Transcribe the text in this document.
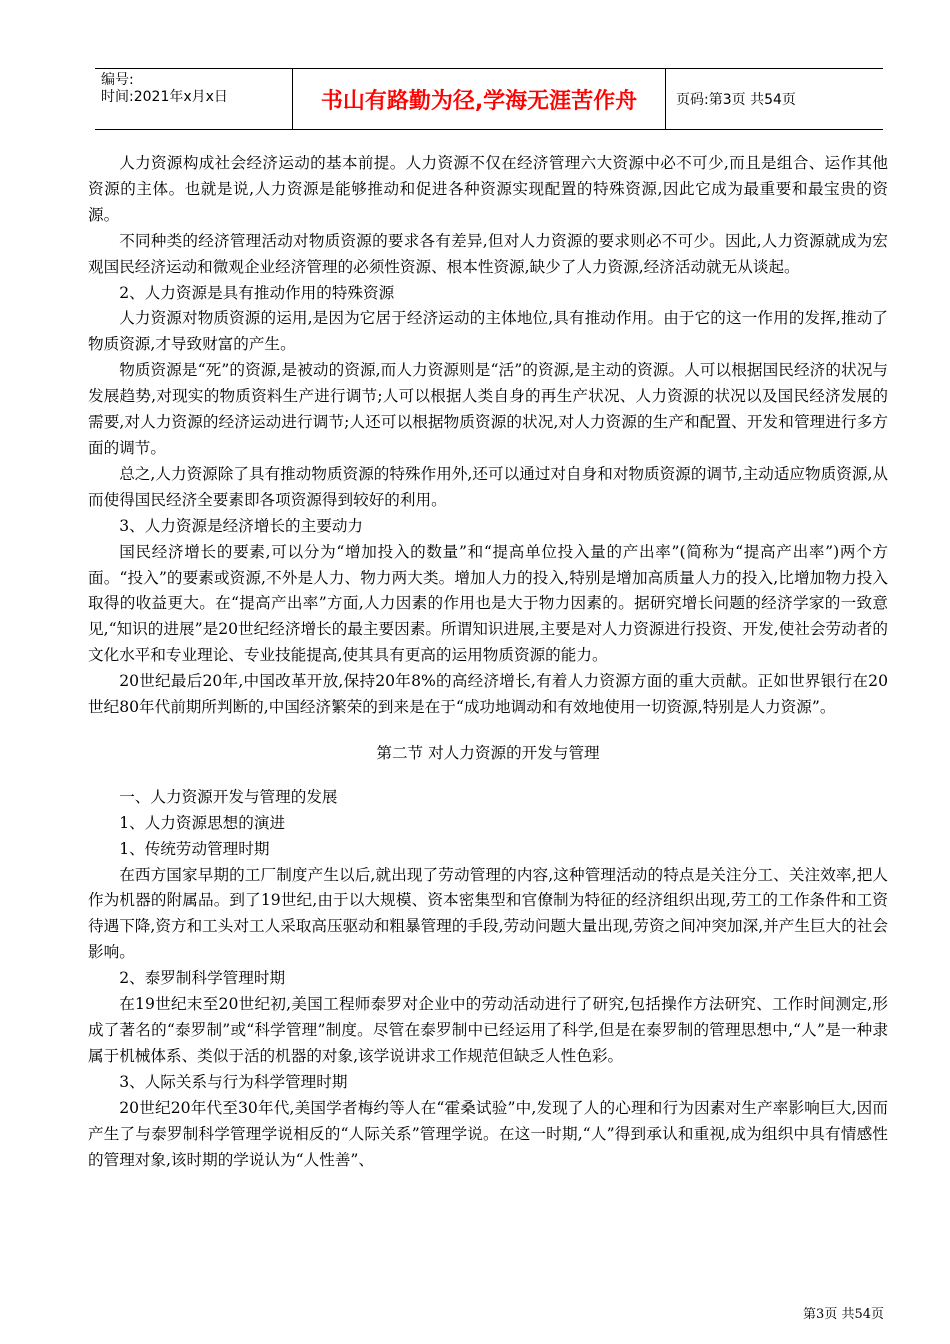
编号:
时间:2021年x月x日	书山有路勤为径,学海无涯苦作舟	页码:第3页 共54页

人力资源构成社会经济运动的基本前提。人力资源不仅在经济管理六大资源中必不可少,而且是组合、运作其他资源的主体。也就是说,人力资源是能够推动和促进各种资源实现配置的特殊资源,因此它成为最重要和最宝贵的资源。

不同种类的经济管理活动对物质资源的要求各有差异,但对人力资源的要求则必不可少。因此,人力资源就成为宏观国民经济运动和微观企业经济管理的必须性资源、根本性资源,缺少了人力资源,经济活动就无从谈起。

2、人力资源是具有推动作用的特殊资源

人力资源对物质资源的运用,是因为它居于经济运动的主体地位,具有推动作用。由于它的这一作用的发挥,推动了物质资源,才导致财富的产生。

物质资源是“死”的资源,是被动的资源,而人力资源则是“活”的资源,是主动的资源。人可以根据国民经济的状况与发展趋势,对现实的物质资料生产进行调节;人可以根据人类自身的再生产状况、人力资源的状况以及国民经济发展的需要,对人力资源的经济运动进行调节;人还可以根据物质资源的状况,对人力资源的生产和配置、开发和管理进行多方面的调节。

总之,人力资源除了具有推动物质资源的特殊作用外,还可以通过对自身和对物质资源的调节,主动适应物质资源,从而使得国民经济全要素即各项资源得到较好的利用。

3、人力资源是经济增长的主要动力

国民经济增长的要素,可以分为“增加投入的数量”和“提高单位投入量的产出率”(简称为“提高产出率”)两个方面。“投入”的要素或资源,不外是人力、物力两大类。增加人力的投入,特别是增加高质量人力的投入,比增加物力投入取得的收益更大。在“提高产出率”方面,人力因素的作用也是大于物力因素的。据研究增长问题的经济学家的一致意见,“知识的进展”是20世纪经济增长的最主要因素。所谓知识进展,主要是对人力资源进行投资、开发,使社会劳动者的文化水平和专业理论、专业技能提高,使其具有更高的运用物质资源的能力。

20世纪最后20年,中国改革开放,保持20年8%的高经济增长,有着人力资源方面的重大贡献。正如世界银行在20世纪80年代前期所判断的,中国经济繁荣的到来是在于“成功地调动和有效地使用一切资源,特别是人力资源”。

第二节 对人力资源的开发与管理

一、人力资源开发与管理的发展

1、人力资源思想的演进

1、传统劳动管理时期

在西方国家早期的工厂制度产生以后,就出现了劳动管理的内容,这种管理活动的特点是关注分工、关注效率,把人作为机器的附属品。到了19世纪,由于以大规模、资本密集型和官僚制为特征的经济组织出现,劳工的工作条件和工资待遇下降,资方和工头对工人采取高压驱动和粗暴管理的手段,劳动问题大量出现,劳资之间冲突加深,并产生巨大的社会影响。

2、泰罗制科学管理时期

在19世纪末至20世纪初,美国工程师泰罗对企业中的劳动活动进行了研究,包括操作方法研究、工作时间测定,形成了著名的“泰罗制”或“科学管理”制度。尽管在泰罗制中已经运用了科学,但是在泰罗制的管理思想中,“人”是一种隶属于机械体系、类似于活的机器的对象,该学说讲求工作规范但缺乏人性色彩。

3、人际关系与行为科学管理时期

20世纪20年代至30年代,美国学者梅约等人在“霍桑试验”中,发现了人的心理和行为因素对生产率影响巨大,因而产生了与泰罗制科学管理学说相反的“人际关系”管理学说。在这一时期,“人”得到承认和重视,成为组织中具有情感性的管理对象,该时期的学说认为“人性善”、

第3页 共54页
